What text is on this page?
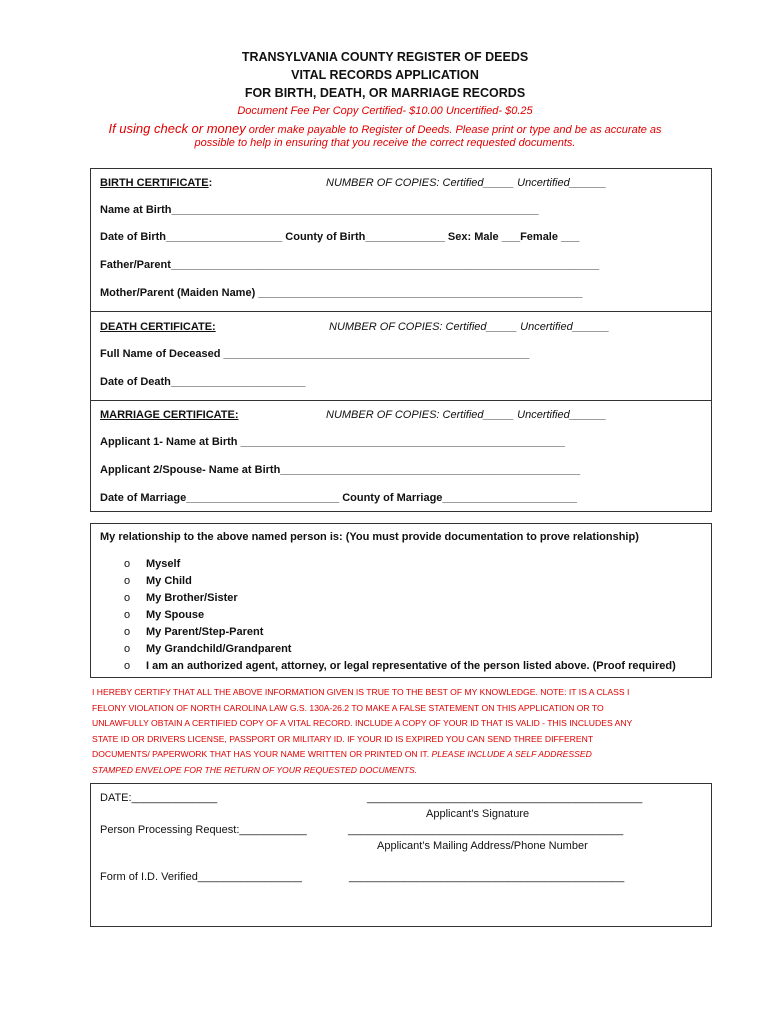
TRANSYLVANIA COUNTY REGISTER OF DEEDS
VITAL RECORDS APPLICATION
FOR BIRTH, DEATH, OR MARRIAGE RECORDS
Document Fee Per Copy Certified- $10.00 Uncertified- $0.25
If using check or money order make payable to Register of Deeds. Please print or type and be as accurate as
possible to help in ensuring that you receive the correct requested documents.
BIRTH CERTIFICATE:	NUMBER OF COPIES: Certified_____ Uncertified______
Name at Birth____________________________________________________________
Date of Birth___________________ County of Birth_____________ Sex: Male ___Female ___
Father/Parent______________________________________________________________________
Mother/Parent (Maiden Name) _____________________________________________________
DEATH CERTIFICATE:	NUMBER OF COPIES: Certified_____ Uncertified______
Full Name of Deceased __________________________________________________
Date of Death______________________
MARRIAGE CERTIFICATE:	NUMBER OF COPIES: Certified_____ Uncertified______
Applicant 1- Name at Birth _____________________________________________________
Applicant 2/Spouse- Name at Birth_________________________________________________
Date of Marriage_________________________ County of Marriage______________________
My relationship to the above named person is: (You must provide documentation to prove relationship)
o Myself
o My Child
o My Brother/Sister
o My Spouse
o My Parent/Step-Parent
o My Grandchild/Grandparent
o I am an authorized agent, attorney, or legal representative of the person listed above. (Proof required)
I HEREBY CERTIFY THAT ALL THE ABOVE INFORMATION GIVEN IS TRUE TO THE BEST OF MY KNOWLEDGE. NOTE: IT IS A CLASS I
FELONY VIOLATION OF NORTH CAROLINA LAW G.S. 130A-26.2 TO MAKE A FALSE STATEMENT ON THIS APPLICATION OR TO
UNLAWFULLY OBTAIN A CERTIFIED COPY OF A VITAL RECORD. INCLUDE A COPY OF YOUR ID THAT IS VALID - THIS INCLUDES ANY
STATE ID OR DRIVERS LICENSE, PASSPORT OR MILITARY ID. IF YOUR ID IS EXPIRED YOU CAN SEND THREE DIFFERENT
DOCUMENTS/ PAPERWORK THAT HAS YOUR NAME WRITTEN OR PRINTED ON IT. PLEASE INCLUDE A SELF ADDRESSED
STAMPED ENVELOPE FOR THE RETURN OF YOUR REQUESTED DOCUMENTS.
DATE:______________	_____________________________________________
Applicant’s Signature
Person Processing Request:___________	_____________________________________________
Applicant’s Mailing Address/Phone Number
Form of I.D. Verified_________________	_____________________________________________
